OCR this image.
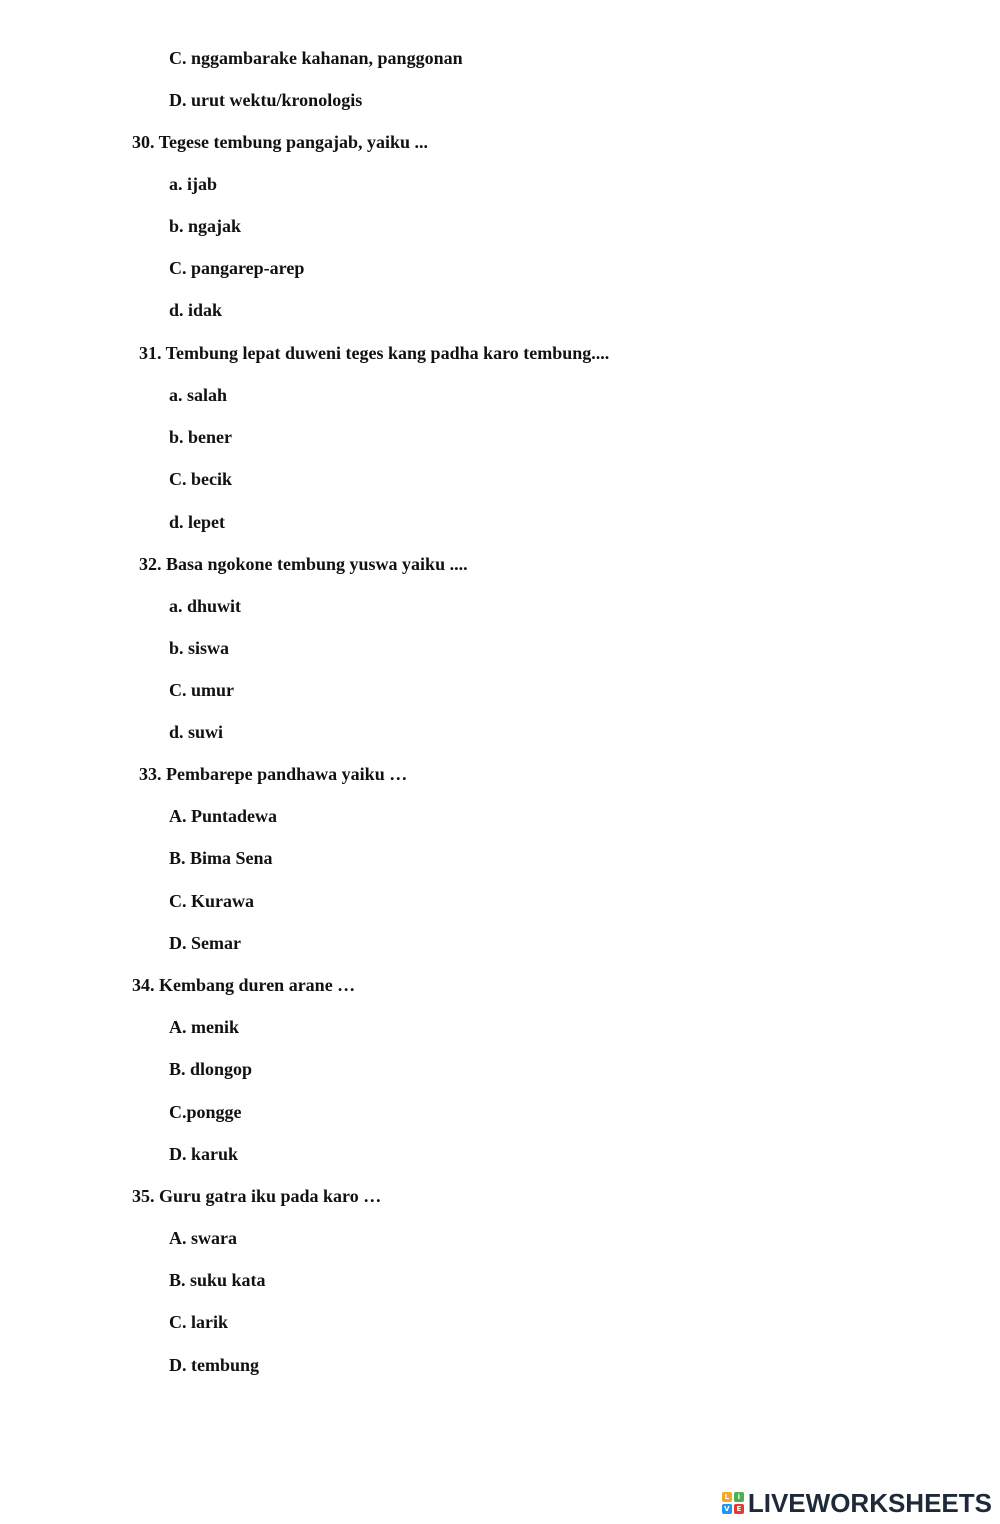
C. nggambarake kahanan, panggonan
D. urut wektu/kronologis
30. Tegese tembung pangajab, yaiku ...
a. ijab
b. ngajak
C. pangarep-arep
d. idak
31. Tembung lepat duweni teges kang padha karo tembung....
a. salah
b. bener
C. becik
d. lepet
32. Basa ngokone tembung yuswa yaiku ....
a. dhuwit
b. siswa
C. umur
d. suwi
33. Pembarepe pandhawa yaiku …
A. Puntadewa
B. Bima Sena
C. Kurawa
D. Semar
34. Kembang duren arane …
A. menik
B. dlongop
C.pongge
D. karuk
35. Guru gatra iku pada karo …
A. swara
B. suku kata
C. larik
D. tembung
L	i
V E LIVEWORKSHEETS
